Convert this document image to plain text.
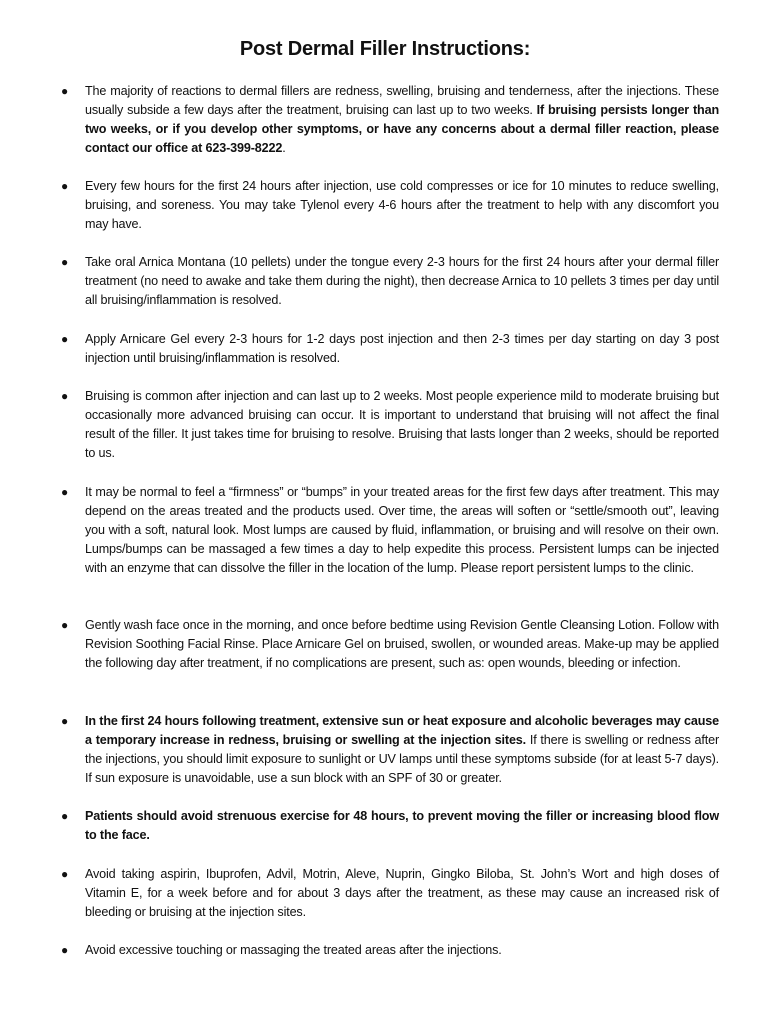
Post Dermal Filler Instructions:
● The majority of reactions to dermal fillers are redness, swelling, bruising and tenderness, after the injections. These usually subside a few days after the treatment, bruising can last up to two weeks. If bruising persists longer than two weeks, or if you develop other symptoms, or have any concerns about a dermal filler reaction, please contact our office at 623-399-8222.
● Every few hours for the first 24 hours after injection, use cold compresses or ice for 10 minutes to reduce swelling, bruising, and soreness. You may take Tylenol every 4-6 hours after the treatment to help with any discomfort you may have.
● Take oral Arnica Montana (10 pellets) under the tongue every 2-3 hours for the first 24 hours after your dermal filler treatment (no need to awake and take them during the night), then decrease Arnica to 10 pellets 3 times per day until all bruising/inflammation is resolved.
● Apply Arnicare Gel every 2-3 hours for 1-2 days post injection and then 2-3 times per day starting on day 3 post injection until bruising/inflammation is resolved.
● Bruising is common after injection and can last up to 2 weeks. Most people experience mild to moderate bruising but occasionally more advanced bruising can occur. It is important to understand that bruising will not affect the final result of the filler. It just takes time for bruising to resolve. Bruising that lasts longer than 2 weeks, should be reported to us.
● It may be normal to feel a “firmness” or “bumps” in your treated areas for the first few days after treatment. This may depend on the areas treated and the products used. Over time, the areas will soften or “settle/smooth out”, leaving you with a soft, natural look. Most lumps are caused by fluid, inflammation, or bruising and will resolve on their own. Lumps/bumps can be massaged a few times a day to help expedite this process. Persistent lumps can be injected with an enzyme that can dissolve the filler in the location of the lump. Please report persistent lumps to the clinic.
● Gently wash face once in the morning, and once before bedtime using Revision Gentle Cleansing Lotion. Follow with Revision Soothing Facial Rinse. Place Arnicare Gel on bruised, swollen, or wounded areas. Make-up may be applied the following day after treatment, if no complications are present, such as: open wounds, bleeding or infection.
● In the first 24 hours following treatment, extensive sun or heat exposure and alcoholic beverages may cause a temporary increase in redness, bruising or swelling at the injection sites. If there is swelling or redness after the injections, you should limit exposure to sunlight or UV lamps until these symptoms subside (for at least 5-7 days). If sun exposure is unavoidable, use a sun block with an SPF of 30 or greater.
● Patients should avoid strenuous exercise for 48 hours, to prevent moving the filler or increasing blood flow to the face.
● Avoid taking aspirin, Ibuprofen, Advil, Motrin, Aleve, Nuprin, Gingko Biloba, St. John’s Wort and high doses of Vitamin E, for a week before and for about 3 days after the treatment, as these may cause an increased risk of bleeding or bruising at the injection sites.
● Avoid excessive touching or massaging the treated areas after the injections.
